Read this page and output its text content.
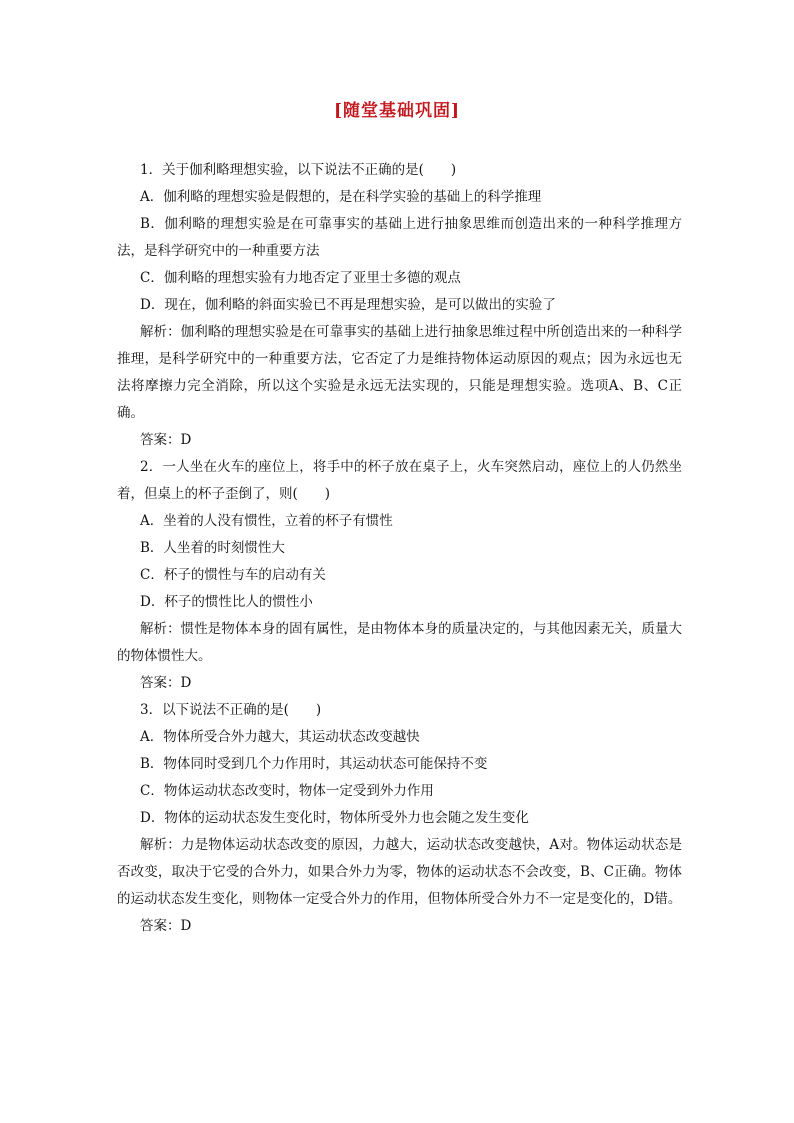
[随堂基础巩固]
1．关于伽利略理想实验，以下说法不正确的是(　　)
A．伽利略的理想实验是假想的，是在科学实验的基础上的科学推理
B．伽利略的理想实验是在可靠事实的基础上进行抽象思维而创造出来的一种科学推理方法，是科学研究中的一种重要方法
C．伽利略的理想实验有力地否定了亚里士多德的观点
D．现在，伽利略的斜面实验已不再是理想实验，是可以做出的实验了
解析：伽利略的理想实验是在可靠事实的基础上进行抽象思维过程中所创造出来的一种科学推理，是科学研究中的一种重要方法，它否定了力是维持物体运动原因的观点；因为永远也无法将摩擦力完全消除，所以这个实验是永远无法实现的，只能是理想实验。选项A、B、C正确。
答案：D
2．一人坐在火车的座位上，将手中的杯子放在桌子上，火车突然启动，座位上的人仍然坐着，但桌上的杯子歪倒了，则(　　)
A．坐着的人没有惯性，立着的杯子有惯性
B．人坐着的时刻惯性大
C．杯子的惯性与车的启动有关
D．杯子的惯性比人的惯性小
解析：惯性是物体本身的固有属性，是由物体本身的质量决定的，与其他因素无关，质量大的物体惯性大。
答案：D
3．以下说法不正确的是(　　)
A．物体所受合外力越大，其运动状态改变越快
B．物体同时受到几个力作用时，其运动状态可能保持不变
C．物体运动状态改变时，物体一定受到外力作用
D．物体的运动状态发生变化时，物体所受外力也会随之发生变化
解析：力是物体运动状态改变的原因，力越大，运动状态改变越快，A对。物体运动状态是否改变，取决于它受的合外力，如果合外力为零，物体的运动状态不会改变，B、C正确。物体的运动状态发生变化，则物体一定受合外力的作用，但物体所受合外力不一定是变化的，D错。
答案：D
